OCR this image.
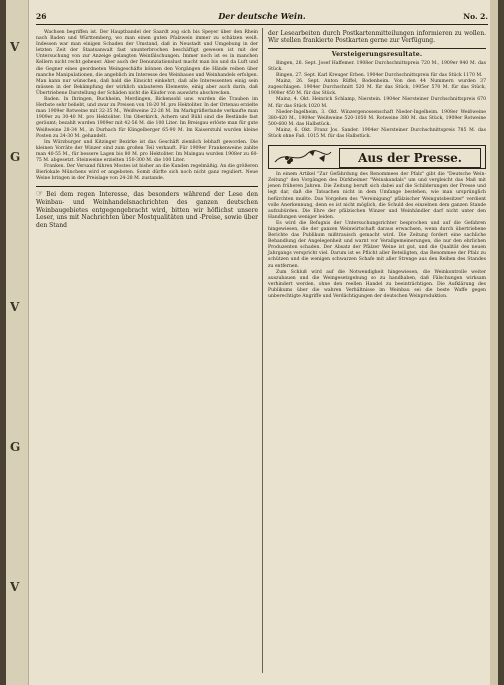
V
G
V
G
V
26	Der deutsche Wein.	No. 2.

Wachsen begriffen ist. Der Hauptbandel der Saardt zog sich bis Speyer über den Rhein nach Baden und Württemberg, wo man einen guten Pfalzwein immer zu schätzen weiß. Indessen war man einigen Schaden der Umstand, daß in Neustadt und Umgebung in der letzten Zeit der Staatsanwalt fast ununterbrochen beschäftigt gewesen ist mit der Untersuchung von zur Anzeige gelangten Weinfälschungen. Immer noch ist es in manchen Kellern nicht recht geheuer. Aber auch der Denunziationslust macht man bis und da Luft und die Gegner eines geordneten Weingeschäfts können den Vorgängen die Hände reiben über manche Manipulationen, die angeblich im Interesse des Weinbaues und Weinhandels erfolgen. Man kann nur wünschen, daß bald die Einsicht einkehrt, daß alle Interessenten einig sein müssen in der Bekämpfung der wirklich unlauteren Elemente, einig aber auch darin, daß Übertriebene Darstellung der Schäden nicht die Käufer von auswärts abschrecken.

Baden. In Ihringen, Buchheim, Merdingen, Bickensohl usw. wurden die Trauben im Herbste sehr beliebt, und zwar zu Preisen von 18-20 M. pro Hektoliter. In der Ortenau erzielte man 1909er Rotweine mit 32-35 M., Weißweine 22-26 M. Im Markgräflerlande verkaufte man 1909er zu 30-40 M. pro Hektoliter. Um Oberkirch, Achern und Bühl sind die Bestände fast geräumt; bezahlt wurden 1909er mit 42-56 M. die 100 Liter. Im Breisgau erlöste man für gute Weißweine 28-34 M., in Durbach für Klingelberger 65-90 M. Im Kaiserstuhl wurden kleine Posten zu 24-30 M. gehandelt.

Im Würzburger und Kitzinger Bezirke ist das Geschäft ziemlich lebhaft geworden. Die kleinen Vorräte der Winzer sind zum großen Teil verkauft. Für 1909er Frankenweine zahlte man 40-55 M., für bessere Lagen bis 80 M. pro Hektoliter. Im Maingau wurden 1908er zu 60-75 M. abgesetzt. Steinweine erzielten 150-300 M. die 100 Liter.

Franken. Der Versand führen Mostes ist bisher an die Kunden regelmäßig. An die größeren Bierlokale Münchens wird er angeboten. Somit dürfte sich noch nicht ganz reguliert. Neue Weine bringen in der Preislage von 24-28 M. zustande.

☞ Bei dem regen Interesse, das besonders während der Lese den Weinbau- und Weinhandelsnachrichten des ganzen deutschen Weinbaugebietes entgegengebracht wird, bitten wir höflichst unsere Leser, uns mit Nachrichten über Mostqualitäten und -Preise, sowie über den Stand
der Lesearbeiten durch Postkartenmitteilungen informieren zu wollen. Wir stellen frankierte Postkarten gerne zur Verfügung.
Versteigerungsresultate.

Bingen, 26. Sept. Josef Haffemer. 1908er Durchschnittspreis 720 M., 1909er 940 M. das Stück.

Bingen, 27. Sept. Karl Kreuger Erben. 1904er Durchschnittspreis für das Stück 1170 M.

Mainz, 26. Sept. Anton Rüffel, Bodenheim. Von den 44 Nummern wurden 37 zugeschlagen. 1904er Durchschnitt 520 M. für das Stück, 1905er 570 M. für das Stück, 1908er 450 M. für das Stück.

Mainz, 4. Okt. Heinrich Schlamp, Nierstein. 1904er Niersteiner Durchschnittspreis 670 M. für das Stück 1020 M.

Nieder-Ingelheim, 3. Okt. Winzergenossenschaft Nieder-Ingelheim. 1908er Weißweine 380-420 M., 1909er Weißweine 520-1050 M. Rotweine 380 M. das Stück, 1909er Rotweine 500-600 M. das Halbstück.

Mainz, 6. Okt. Franz Jos. Sander. 1904er Niersteiner Durchschnittspreis 785 M. das Stück ohne Faß. 1015 M. für das Halbstück.

Aus der Presse.

In einem Artikel "Zur Gefährdung des Renommees der Pfalz" gibt die "Deutsche Wein-Zeitung" den Vorgängen des Dürkheimer "Weinskandals" um und vergleicht das Maß mit jenen früheren Jahren. Die Zeitung beruft sich dabei auf die Schilderungen der Presse und legt dar, daß die Tatsachen nicht in dem Umfange bestehen, wie man ursprünglich befürchten mußte. Das Vorgehen des "Vereinigung" pfälzischer Weingutsbesitzer" verdient volle Anerkennung, denn es ist nicht möglich, die Schuld des einzelnen dem ganzen Stande aufzubürden. Die Ehre der pfälzischen Winzer und Weinhändler darf nicht unter den Handlungen weniger leiden.

Es wird die Befugnis der Untersuchungsrichter besprochen und auf die Gefahren hingewiesen, die der ganzen Weinwirtschaft daraus erwachsen, wenn durch übertriebene Berichte das Publikum mißtrauisch gemacht wird. Die Zeitung fordert eine sachliche Behandlung der Angelegenheit und warnt vor Verallgemeinerungen, die nur den ehrlichen Produzenten schaden. Der Absatz der Pfälzer Weine ist gut, und die Qualität des neuen Jahrgangs verspricht viel. Darum ist es Pflicht aller Beteiligten, das Renommee der Pfalz zu schützen und die wenigen schwarzen Schafe mit aller Strenge aus den Reihen des Standes zu entfernen.

Zum Schluß wird auf die Notwendigkeit hingewiesen, die Weinkontrolle weiter auszubauen und die Weingesetzgebung so zu handhaben, daß Fälschungen wirksam verhindert werden, ohne den reellen Handel zu beeinträchtigen. Die Aufklärung des Publikums über die wahren Verhältnisse im Weinbau sei die beste Waffe gegen unberechtigte Angriffe und Verdächtigungen der deutschen Weinproduktion.
